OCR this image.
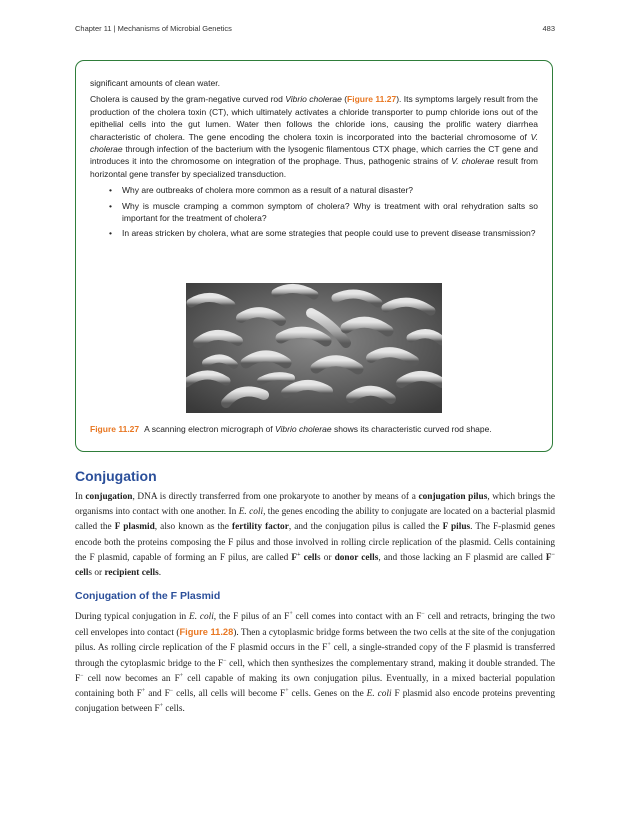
Chapter 11 | Mechanisms of Microbial Genetics	483

significant amounts of clean water.

Cholera is caused by the gram-negative curved rod Vibrio cholerae (Figure 11.27). Its symptoms largely result from the production of the cholera toxin (CT), which ultimately activates a chloride transporter to pump chloride ions out of the epithelial cells into the gut lumen. Water then follows the chloride ions, causing the prolific watery diarrhea characteristic of cholera. The gene encoding the cholera toxin is incorporated into the bacterial chromosome of V. cholerae through infection of the bacterium with the lysogenic filamentous CTX phage, which carries the CT gene and introduces it into the chromosome on integration of the prophage. Thus, pathogenic strains of V. cholerae result from horizontal gene transfer by specialized transduction.

• Why are outbreaks of cholera more common as a result of a natural disaster?
• Why is muscle cramping a common symptom of cholera? Why is treatment with oral rehydration salts so important for the treatment of cholera?
• In areas stricken by cholera, what are some strategies that people could use to prevent disease transmission?
Figure 11.27 A scanning electron micrograph of Vibrio cholerae shows its characteristic curved rod shape.
Conjugation

In conjugation, DNA is directly transferred from one prokaryote to another by means of a conjugation pilus, which brings the organisms into contact with one another. In E. coli, the genes encoding the ability to conjugate are located on a bacterial plasmid called the F plasmid, also known as the fertility factor, and the conjugation pilus is called the F pilus. The F-plasmid genes encode both the proteins composing the F pilus and those involved in rolling circle replication of the plasmid. Cells containing the F plasmid, capable of forming an F pilus, are called F+ cells or donor cells, and those lacking an F plasmid are called F− cells or recipient cells.

Conjugation of the F Plasmid

During typical conjugation in E. coli, the F pilus of an F+ cell comes into contact with an F− cell and retracts, bringing the two cell envelopes into contact (Figure 11.28). Then a cytoplasmic bridge forms between the two cells at the site of the conjugation pilus. As rolling circle replication of the F plasmid occurs in the F+ cell, a single-stranded copy of the F plasmid is transferred through the cytoplasmic bridge to the F− cell, which then synthesizes the complementary strand, making it double stranded. The F− cell now becomes an F+ cell capable of making its own conjugation pilus. Eventually, in a mixed bacterial population containing both F+ and F− cells, all cells will become F+ cells. Genes on the E. coli F plasmid also encode proteins preventing conjugation between F+ cells.
